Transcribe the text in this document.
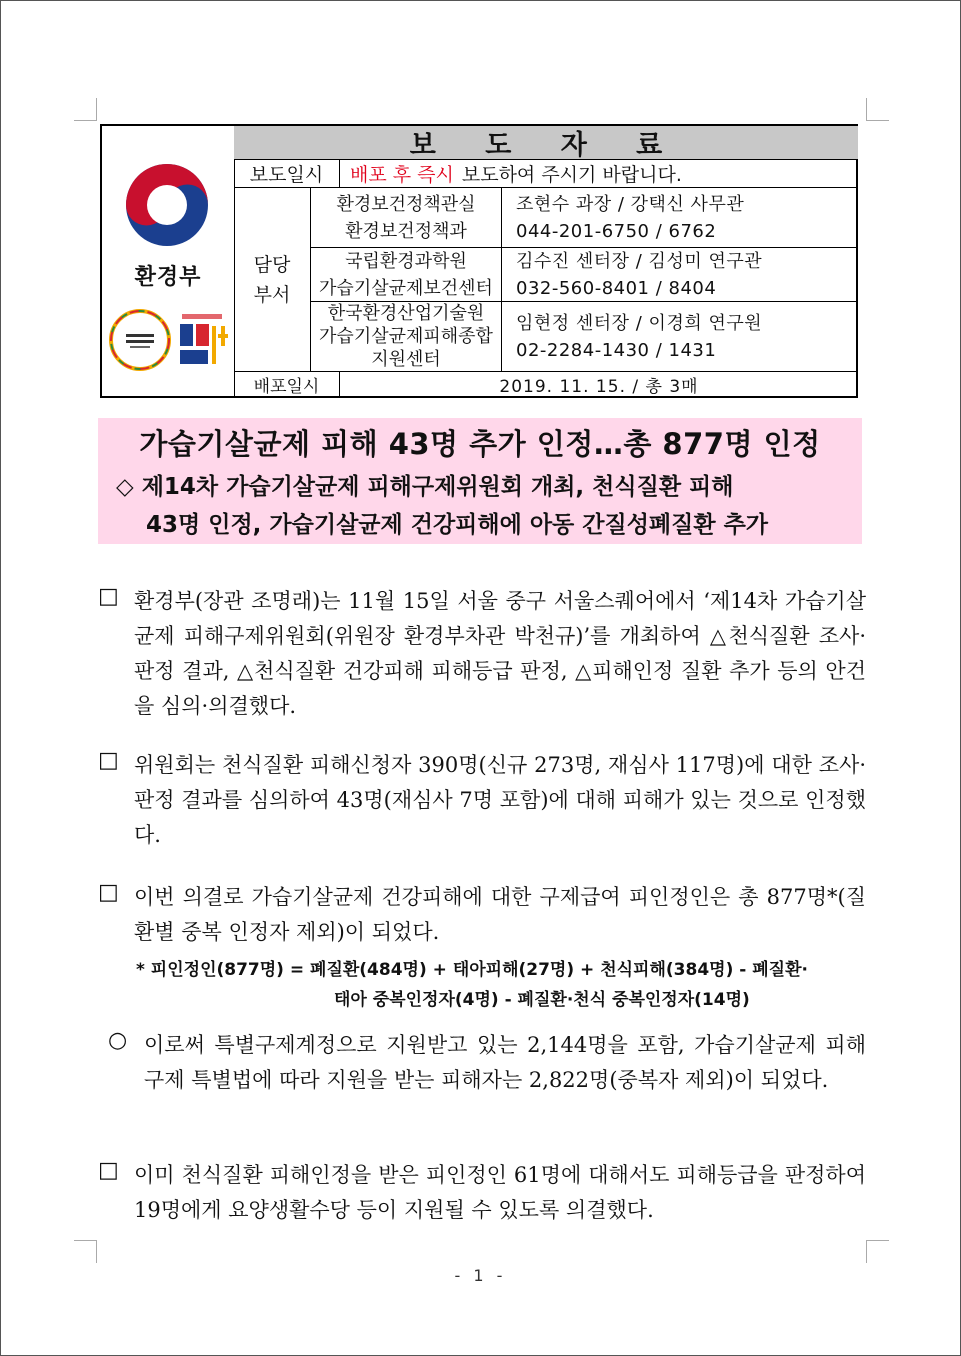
환경부
보 도 자 료
보도일시	배포 후 즉시 보도하여 주시기 바랍니다.
담당
부서
환경보건정책관실
환경보건정책과
조현수 과장 / 강택신 사무관
044-201-6750 / 6762
국립환경과학원
가습기살균제보건센터
김수진 센터장 / 김성미 연구관
032-560-8401 / 8404
한국환경산업기술원
가습기살균제피해종합
지원센터
임현정 센터장 / 이경희 연구원
02-2284-1430 / 1431
배포일시	2019. 11. 15. / 총 3매
가습기살균제 피해 43명 추가 인정…총 877명 인정
◇ 제14차 가습기살균제 피해구제위원회 개최, 천식질환 피해
43명 인정, 가습기살균제 건강피해에 아동 간질성폐질환 추가
□ 환경부(장관 조명래)는 11월 15일 서울 중구 서울스퀘어에서 ‘제14차 가습기살균제 피해구제위원회(위원장 환경부차관 박천규)’를 개최하여 △천식질환 조사·판정 결과, △천식질환 건강피해 피해등급 판정, △피해인정 질환 추가 등의 안건을 심의·의결했다.
□ 위원회는 천식질환 피해신청자 390명(신규 273명, 재심사 117명)에 대한 조사·판정 결과를 심의하여 43명(재심사 7명 포함)에 대해 피해가 있는 것으로 인정했다.
□ 이번 의결로 가습기살균제 건강피해에 대한 구제급여 피인정인은 총 877명*(질환별 중복 인정자 제외)이 되었다.
* 피인정인(877명) = 폐질환(484명) + 태아피해(27명) + 천식피해(384명) - 폐질환·
태아 중복인정자(4명) - 폐질환·천식 중복인정자(14명)
○ 이로써 특별구제계정으로 지원받고 있는 2,144명을 포함, 가습기살균제 피해구제 특별법에 따라 지원을 받는 피해자는 2,822명(중복자 제외)이 되었다.
□ 이미 천식질환 피해인정을 받은 피인정인 61명에 대해서도 피해등급을 판정하여 19명에게 요양생활수당 등이 지원될 수 있도록 의결했다.
- 1 -
